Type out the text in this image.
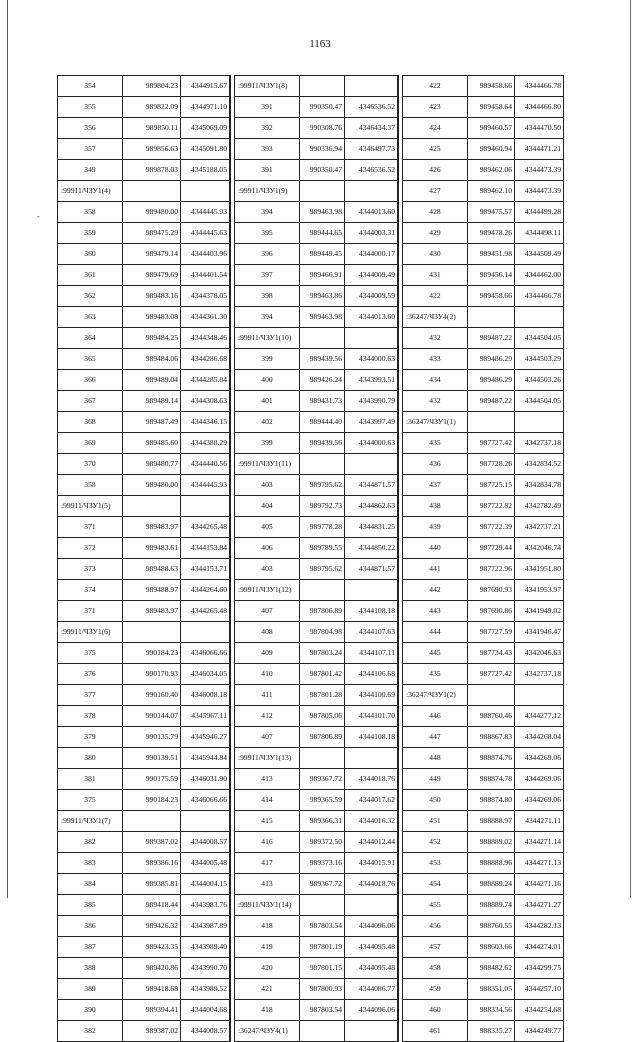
-
1163
354	989804.23	4344915.67
355	989822.09	4344971.10
356	989850.11	4345069.09
357	989856.63	4345091.80
349	989878.03	4345188.05
:99911/ЧЗУ1(4)		
358	989480.00	4344445.93
359	989475.29	4344445.63
360	989479.14	4344403.96
361	989479.69	4344401.54
362	989483.16	4344378.05
363	989483.08	4344361.30
364	989484.25	4344348.46
365	989484.06	4344286.68
366	989489.04	4344285.84
367	989489.14	4344308.63
368	989487.49	4344346.15
369	989485.60	4344388.29
370	989480.77	4344440.56
358	989480.00	4344445.93
:99911/ЧЗУ1(5)		
371	989483.97	4344265.48
372	989483.61	4344153.84
373	989488.63	4344153.71
374	989488.97	4344264.60
371	989483.97	4344265.48
:99911/ЧЗУ1(6)		
375	990184.23	4346066.66
376	990170.93	4346034.05
377	990160.40	4346008.18
378	990144.07	4345967.11
379	990135.79	4345946.27
380	990139.51	4345944.84
381	990175.59	4346031.90
375	990184.23	4346066.66
:99911/ЧЗУ1(7)		
382	989387.02	4344008.57
383	989386.16	4344005.48
384	989385.81	4344004.15
385	989418.44	4343983.76
386	989426.32	4343987.89
387	989423.35	4343989.40
388	989420.86	4343990.70
389	989418.68	4343989.52
390	989394.41	4344004.68
382	989387.02	4344008.57
:99911/ЧЗУ1(8)		
391	990350.47	4346536.52
392	990308.76	4346434.37
393	990336.94	4346497.73
391	990350.47	4346536.52
:99911/ЧЗУ1(9)		
394	989463.98	4344013.60
395	989444.65	4344003.31
396	989449.45	4344000.17
397	989466.91	4344009.49
398	989463.86	4344009.59
394	989463.98	4344013.60
:99911/ЧЗУ1(10)		
399	989439.56	4344000.63
400	989426.24	4343993.51
401	989431.73	4343990.79
402	989444.40	4343997.49
399	989439.56	4344000.63
:99911/ЧЗУ1(11)		
403	989795.62	4344871.57
404	989792.73	4344862.63
405	989778.28	4344831.25
406	989789.55	4344850.22
403	989795.62	4344871.57
:99911/ЧЗУ1(12)		
407	987806.89	4344108.18
408	987804.98	4344107.63
409	987803.24	4344107.11
410	987801.42	4344106.68
411	987801.28	4344100.69
412	987805.06	4344101.70
407	987806.89	4344108.18
:99911/ЧЗУ1(13)		
413	989367.72	4344018.76
414	989365.59	4344017.62
415	989366.31	4344016.32
416	989372.50	4344012.44
417	989373.16	4344015.91
413	989367.72	4344018.76
:99911/ЧЗУ1(14)		
418	987803.54	4344096.06
419	987801.19	4344095.48
420	987801.15	4344095.48
421	987800.93	4344086.77
418	987803.54	4344096.06
:36247/ЧЗУ4(1)		
422	989458.66	4344466.78
423	989458.64	4344466.80
424	989460.57	4344470.50
425	989460.94	4344471.21
426	989462.06	4344473.39
427	989462.10	4344473.39
428	989475.57	4344499.28
429	989478.26	4344498.11
430	989451.98	4344509.49
431	989456.14	4344462.00
422	989458.66	4344466.78
:36247/ЧЗУ4(2)		
432	989487.22	4344504.05
433	989486.29	4344503.29
434	989486.29	4344503.26
432	989487.22	4344504.05
:36247/ЧЗУ1(1)		
435	987727.42	4342737.18
436	987728.26	4342834.52
437	987725.15	4342834.78
438	987722.82	4342782.49
439	987722.39	4342737.21
440	987729.44	4342046.74
441	987722.96	4341951.80
442	987690.93	4341953.97
443	987690.86	4341949.02
444	987727.59	4341946.47
445	987734.43	4342046.63
435	987727.42	4342737.18
:36247/ЧЗУ1(2)		
446	988760.46	4344277.12
447	988867.83	4344268.04
448	988874.76	4344269.06
449	988874.78	4344269.06
450	988874.80	4344269.06
451	988888.97	4344271.11
452	988889.02	4344271.14
453	988888.96	4344271.13
454	988889.24	4344271.16
455	988889.74	4344271.27
456	988760.55	4344282.13
457	988603.66	4344274.01
458	988482.62	4344299.75
459	988351.05	4344257.10
460	988334.56	4344254.68
461	988335.27	4344249.77
